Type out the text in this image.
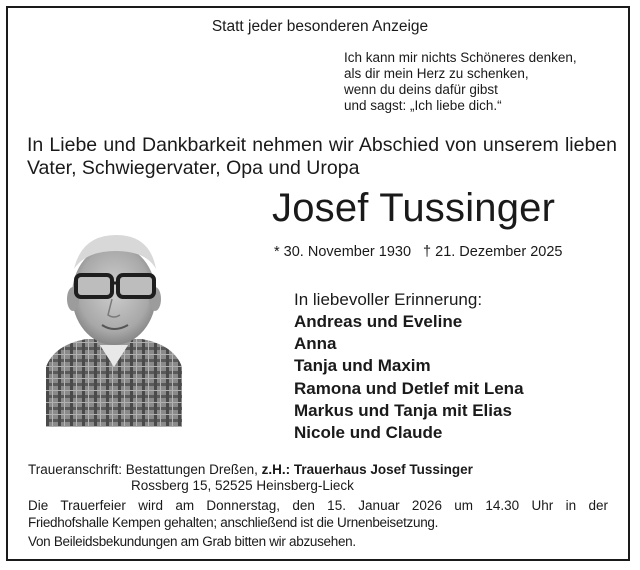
Statt jeder besonderen Anzeige
Ich kann mir nichts Schöneres denken,
als dir mein Herz zu schenken,
wenn du deins dafür gibst
und sagst: „Ich liebe dich.“
In Liebe und Dankbarkeit nehmen wir Abschied von unserem lieben
Vater, Schwiegervater, Opa und Uropa
Josef Tussinger
* 30. November 1930 † 21. Dezember 2025
In liebevoller Erinnerung:
Andreas und Eveline
Anna
Tanja und Maxim
Ramona und Detlef mit Lena
Markus und Tanja mit Elias
Nicole und Claude
Traueranschrift: Bestattungen Dreßen, z.H.: Trauerhaus Josef Tussinger
Rossberg 15, 52525 Heinsberg-Lieck
Die Trauerfeier wird am Donnerstag, den 15. Januar 2026 um 14.30 Uhr in der
Friedhofshalle Kempen gehalten; anschließend ist die Urnenbeisetzung.
Von Beileidsbekundungen am Grab bitten wir abzusehen.
